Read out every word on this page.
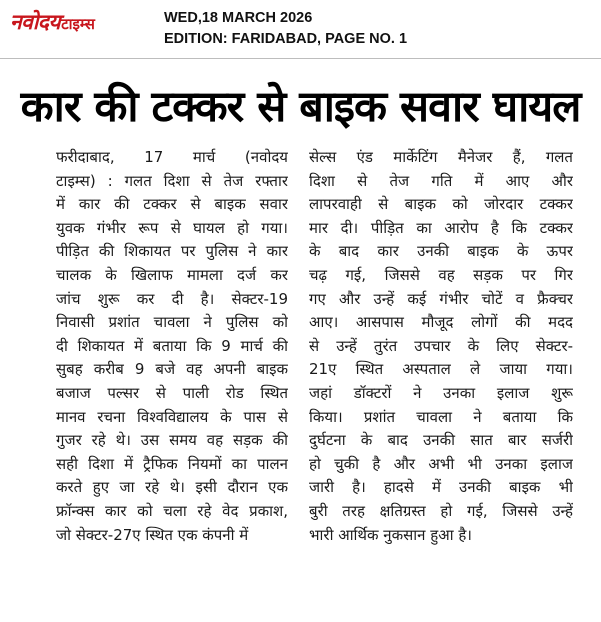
नवोदय टाइम्स	WED,18 MARCH 2026
EDITION: FARIDABAD, PAGE NO. 1
कार की टक्कर से बाइक सवार घायल
फरीदाबाद, 17 मार्च (नवोदय
टाइम्स) : गलत दिशा से तेज रफ्तार
में कार की टक्कर से बाइक सवार
युवक गंभीर रूप से घायल हो गया।
पीड़ित की शिकायत पर पुलिस ने कार
चालक के खिलाफ मामला दर्ज कर
जांच शुरू कर दी है। सेक्टर-19
निवासी प्रशांत चावला ने पुलिस को
दी शिकायत में बताया कि 9 मार्च की
सुबह करीब 9 बजे वह अपनी बाइक
बजाज पल्सर से पाली रोड स्थित
मानव रचना विश्वविद्यालय के पास से
गुजर रहे थे। उस समय वह सड़क की
सही दिशा में ट्रैफिक नियमों का पालन
करते हुए जा रहे थे। इसी दौरान एक
फ्रॉन्क्स कार को चला रहे वेद प्रकाश,
जो सेक्टर-27ए स्थित एक कंपनी में
सेल्स एंड मार्केटिंग मैनेजर हैं, गलत
दिशा से तेज गति में आए और
लापरवाही से बाइक को जोरदार टक्कर
मार दी। पीड़ित का आरोप है कि टक्कर
के बाद कार उनकी बाइक के ऊपर
चढ़ गई, जिससे वह सड़क पर गिर
गए और उन्हें कई गंभीर चोटें व फ्रैक्चर
आए। आसपास मौजूद लोगों की मदद
से उन्हें तुरंत उपचार के लिए सेक्टर-
21ए स्थित अस्पताल ले जाया गया।
जहां डॉक्टरों ने उनका इलाज शुरू
किया। प्रशांत चावला ने बताया कि
दुर्घटना के बाद उनकी सात बार सर्जरी
हो चुकी है और अभी भी उनका इलाज
जारी है। हादसे में उनकी बाइक भी
बुरी तरह क्षतिग्रस्त हो गई, जिससे उन्हें
भारी आर्थिक नुकसान हुआ है।
